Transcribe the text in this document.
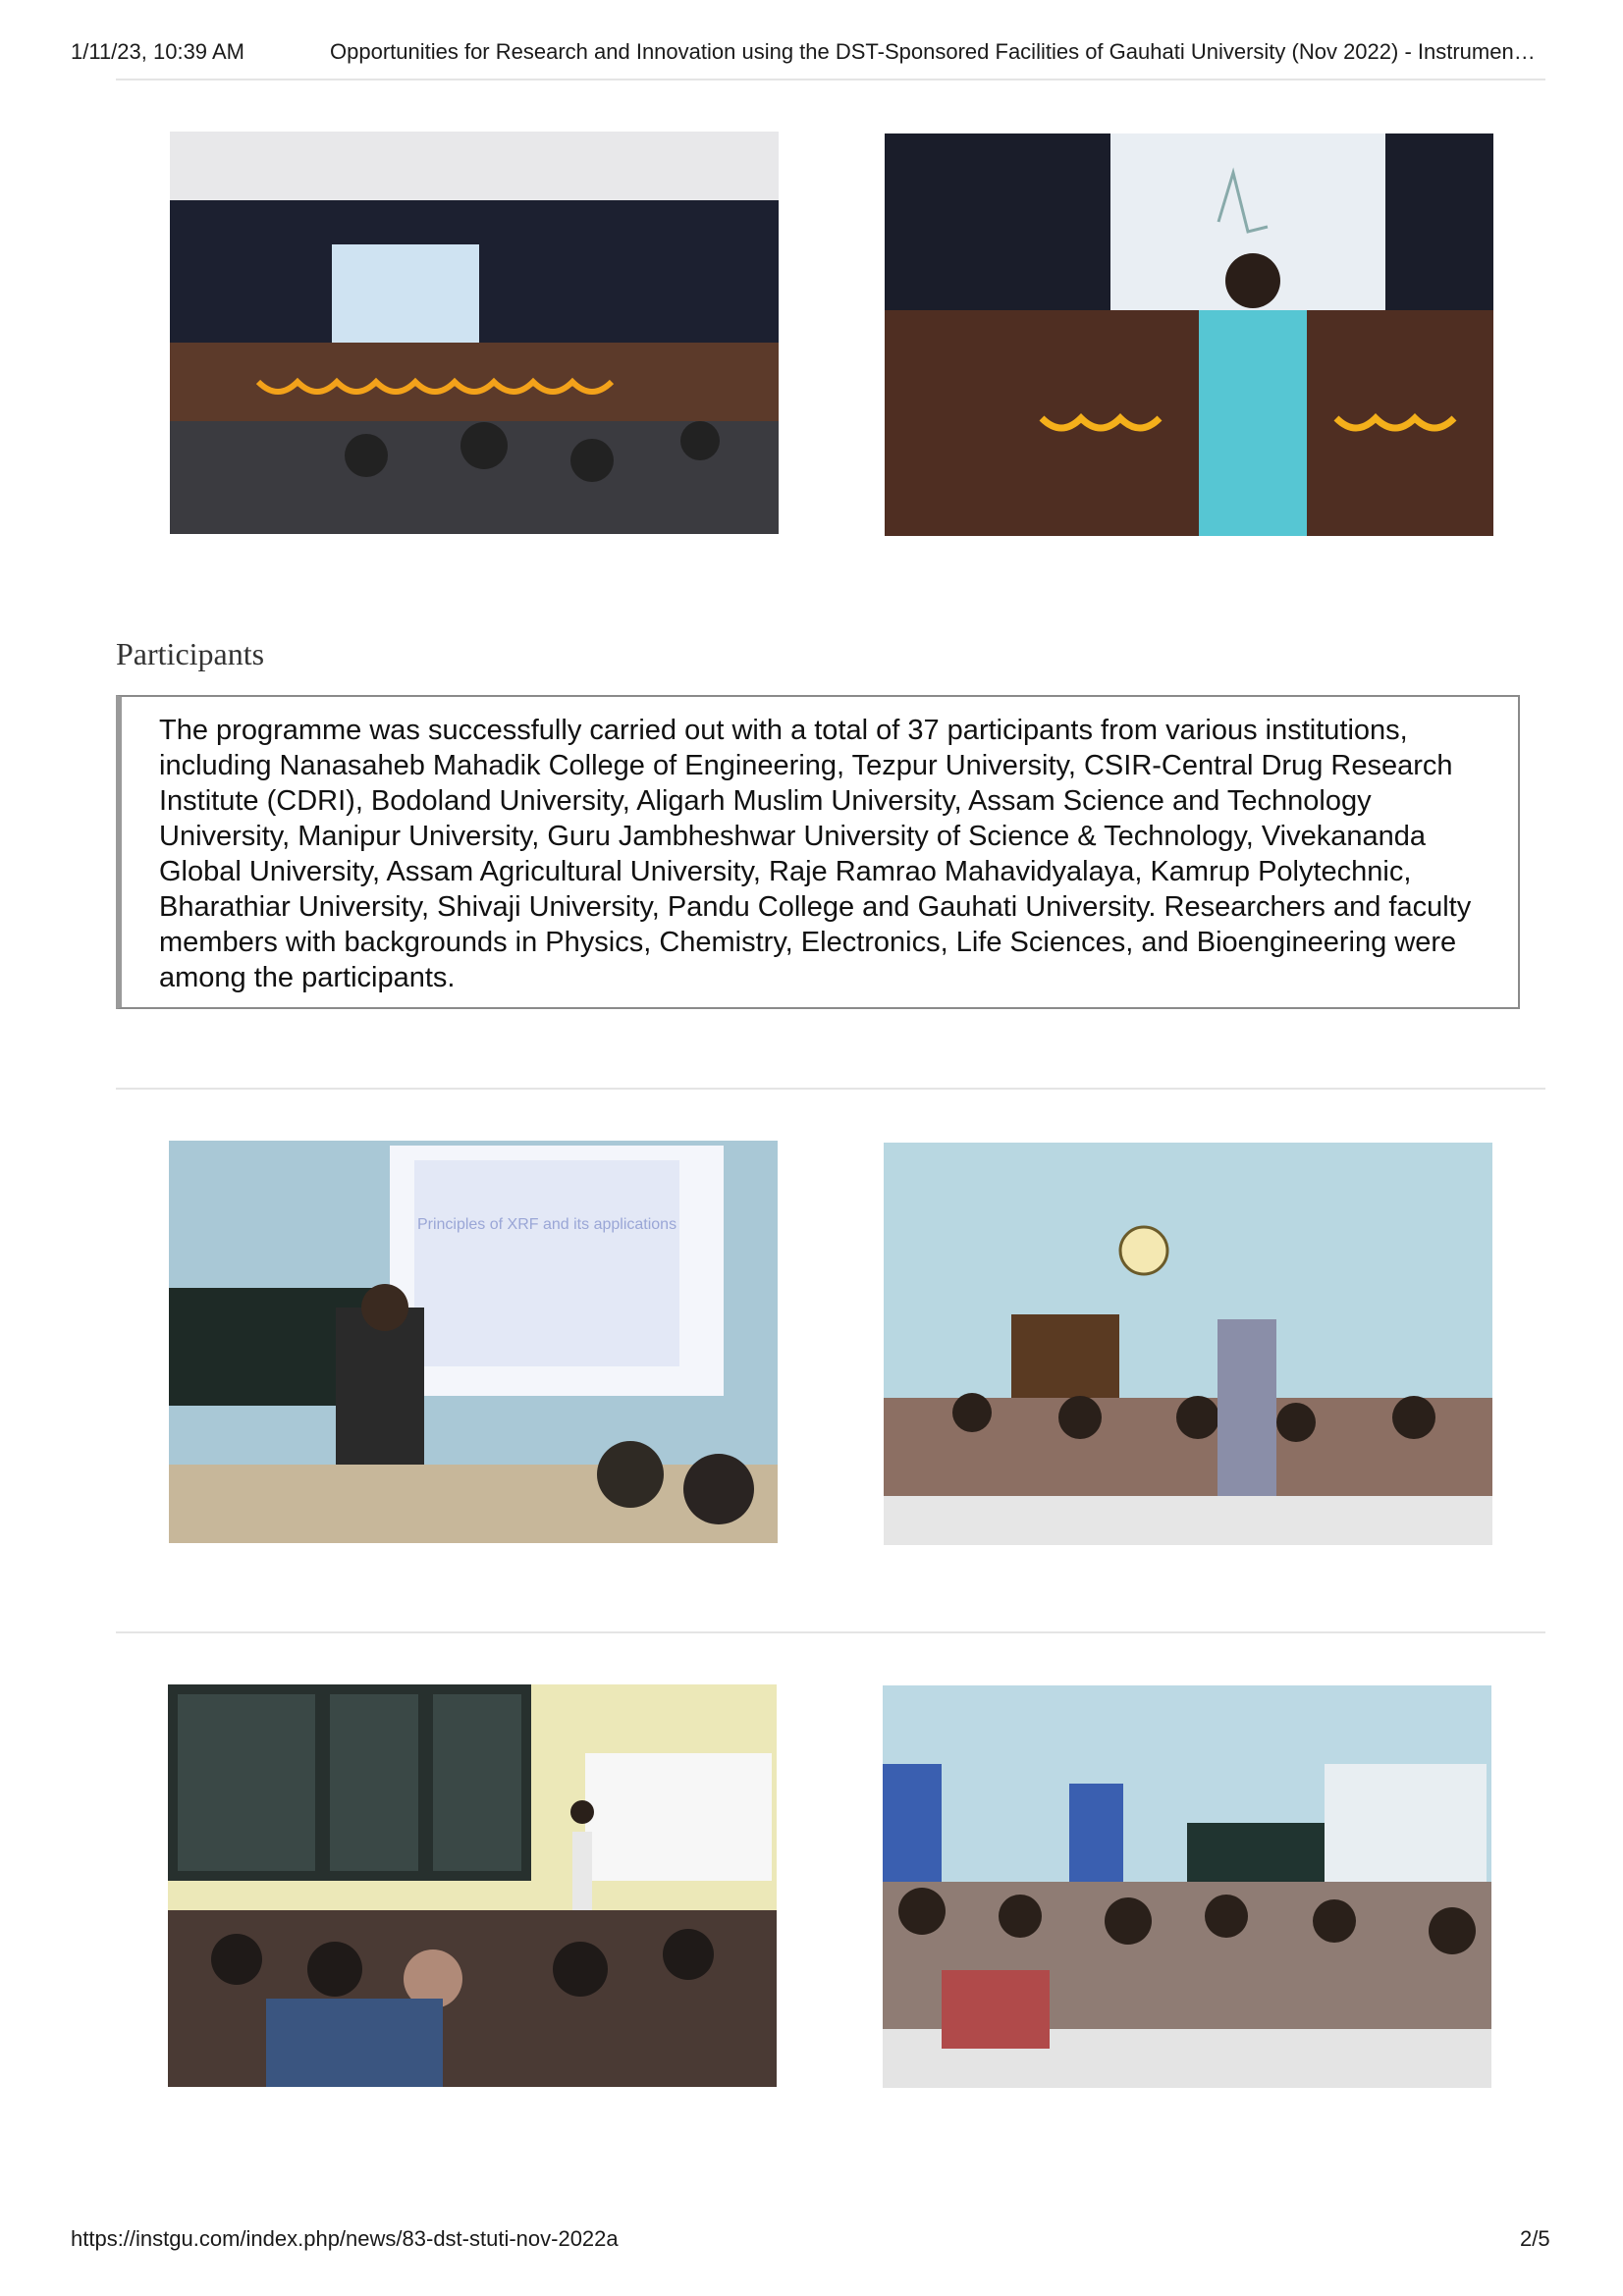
1/11/23, 10:39 AM	Opportunities for Research and Innovation using the DST-Sponsored Facilities of Gauhati University (Nov 2022) - Instrumen…
Participants

The programme was successfully carried out with a total of 37 participants from various institutions, including Nanasaheb Mahadik College of Engineering, Tezpur University, CSIR-Central Drug Research Institute (CDRI), Bodoland University, Aligarh Muslim University, Assam Science and Technology University, Manipur University, Guru Jambheshwar University of Science & Technology, Vivekananda Global University, Assam Agricultural University, Raje Ramrao Mahavidyalaya, Kamrup Polytechnic, Bharathiar University, Shivaji University, Pandu College and Gauhati University. Researchers and faculty members with backgrounds in Physics, Chemistry, Electronics, Life Sciences, and Bioengineering were among the participants.

Principles of XRF and its applications
https://instgu.com/index.php/news/83-dst-stuti-nov-2022a	2/5
